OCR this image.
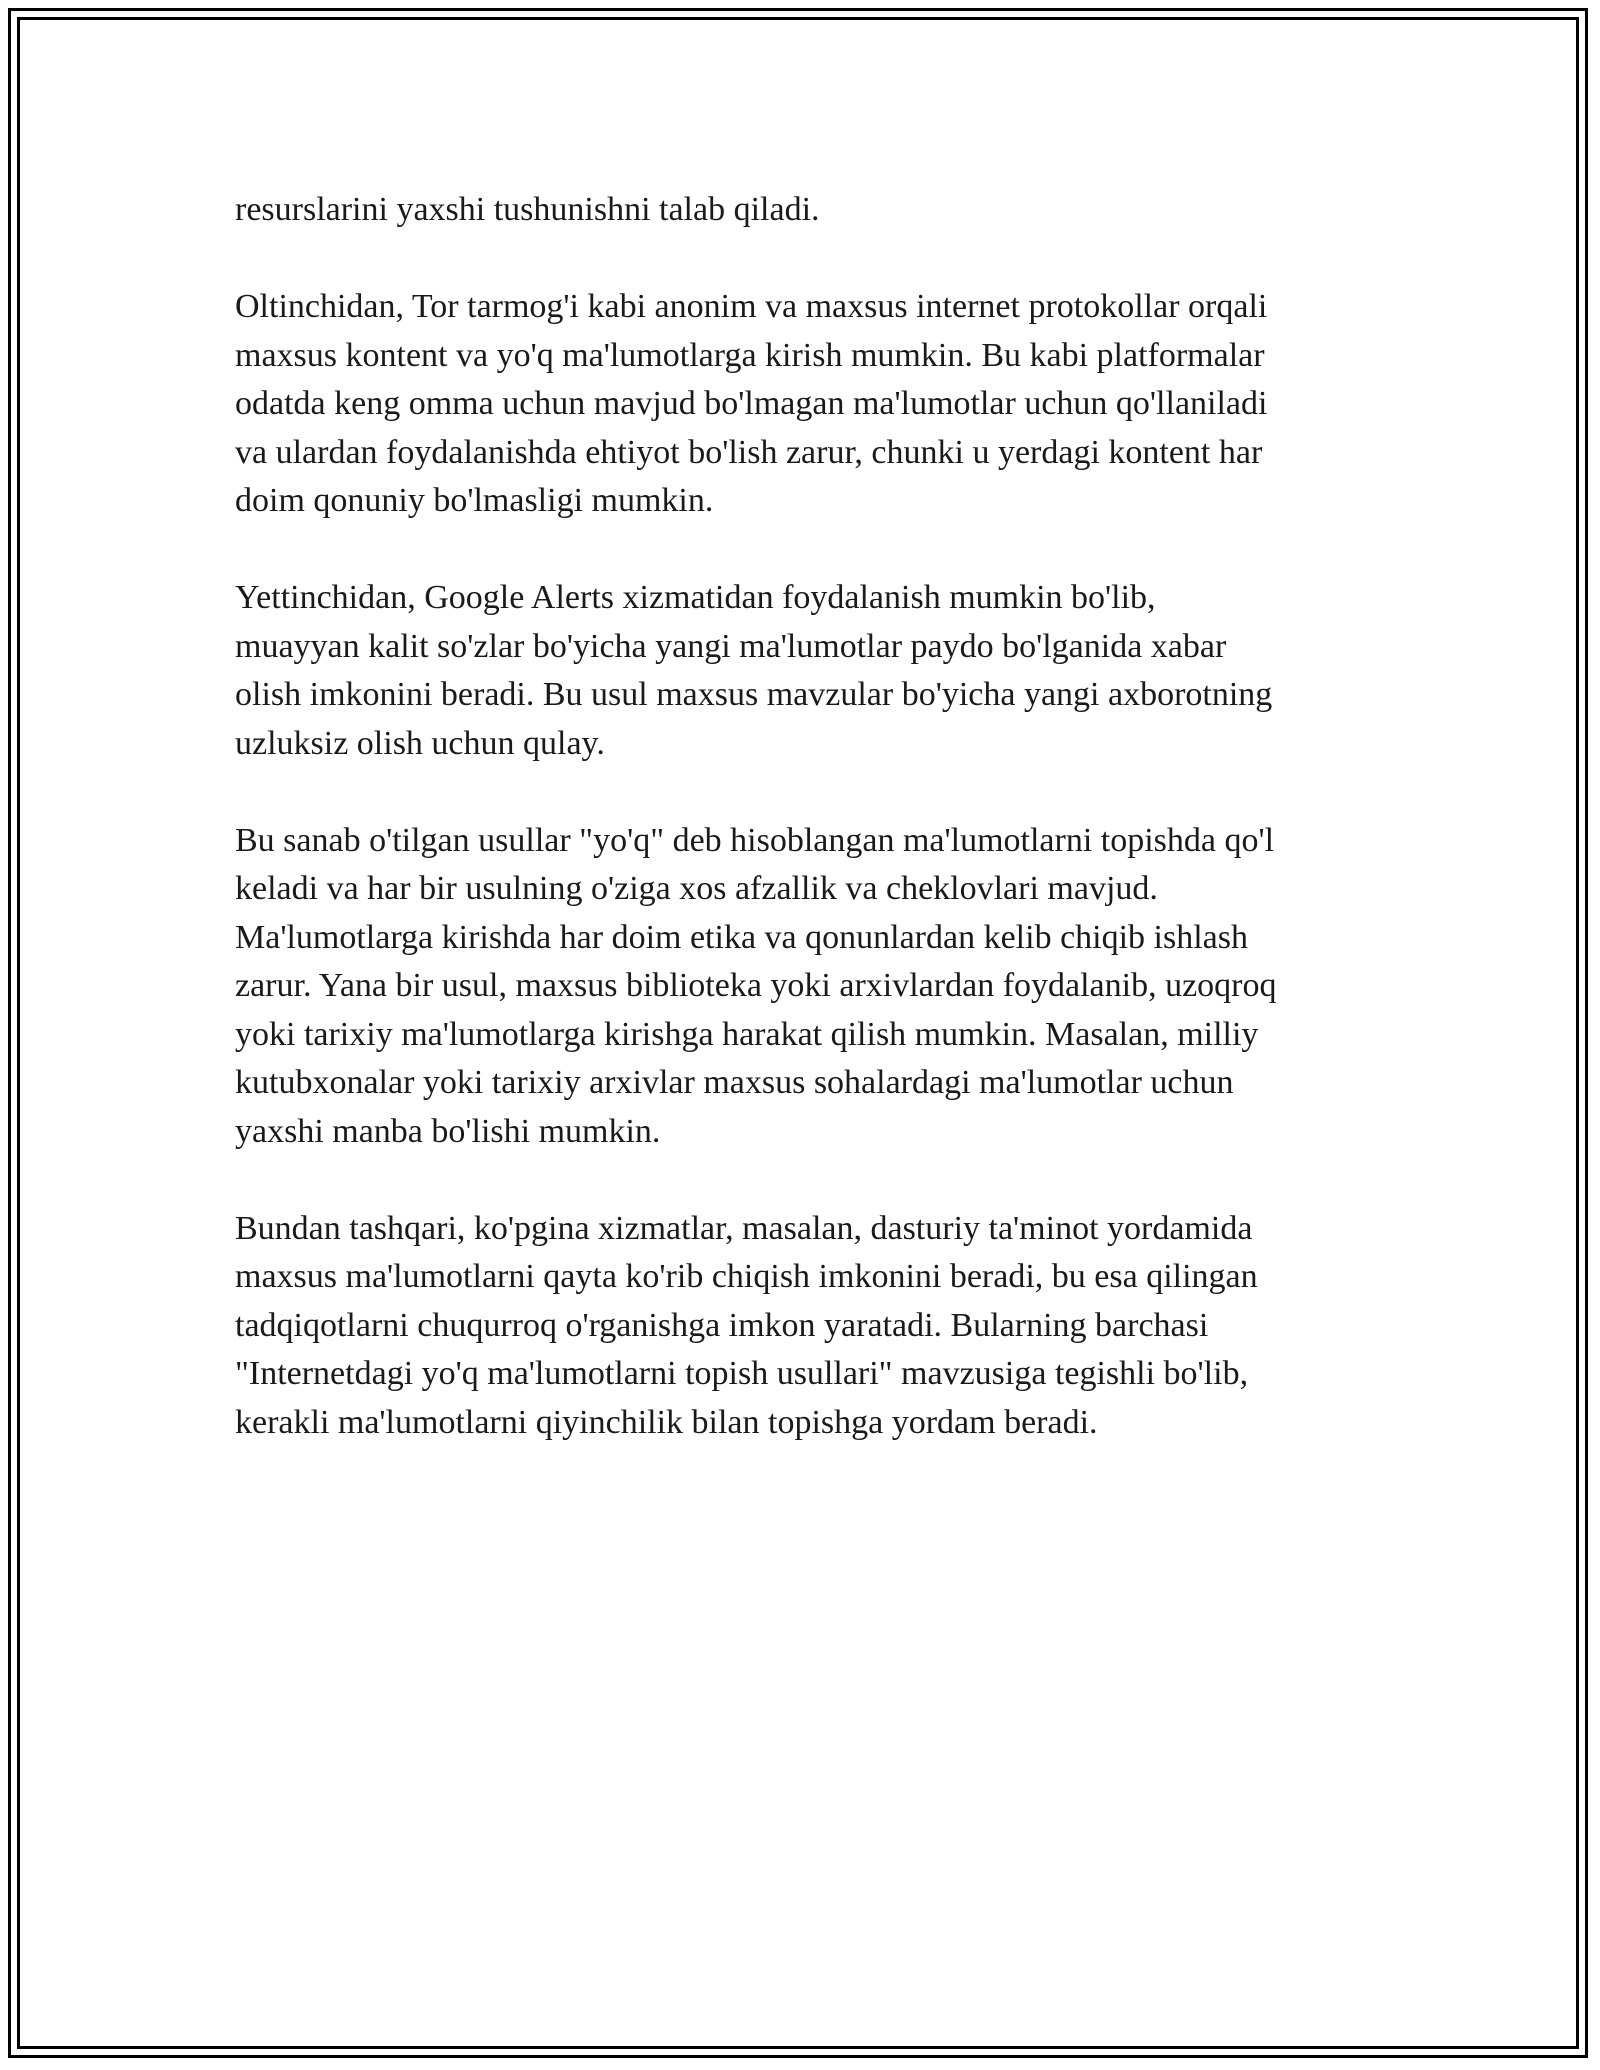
resurslarini yaxshi tushunishni talab qiladi.

Oltinchidan, Tor tarmog'i kabi anonim va maxsus internet protokollar orqali
maxsus kontent va yo'q ma'lumotlarga kirish mumkin. Bu kabi platformalar
odatda keng omma uchun mavjud bo'lmagan ma'lumotlar uchun qo'llaniladi
va ulardan foydalanishda ehtiyot bo'lish zarur, chunki u yerdagi kontent har
doim qonuniy bo'lmasligi mumkin.

Yettinchidan, Google Alerts xizmatidan foydalanish mumkin bo'lib,
muayyan kalit so'zlar bo'yicha yangi ma'lumotlar paydo bo'lganida xabar
olish imkonini beradi. Bu usul maxsus mavzular bo'yicha yangi axborotning
uzluksiz olish uchun qulay.

Bu sanab o'tilgan usullar "yo'q" deb hisoblangan ma'lumotlarni topishda qo'l
keladi va har bir usulning o'ziga xos afzallik va cheklovlari mavjud.
Ma'lumotlarga kirishda har doim etika va qonunlardan kelib chiqib ishlash
zarur. Yana bir usul, maxsus biblioteka yoki arxivlardan foydalanib, uzoqroq
yoki tarixiy ma'lumotlarga kirishga harakat qilish mumkin. Masalan, milliy
kutubxonalar yoki tarixiy arxivlar maxsus sohalardagi ma'lumotlar uchun
yaxshi manba bo'lishi mumkin.

Bundan tashqari, ko'pgina xizmatlar, masalan, dasturiy ta'minot yordamida
maxsus ma'lumotlarni qayta ko'rib chiqish imkonini beradi, bu esa qilingan
tadqiqotlarni chuqurroq o'rganishga imkon yaratadi. Bularning barchasi
"Internetdagi yo'q ma'lumotlarni topish usullari" mavzusiga tegishli bo'lib,
kerakli ma'lumotlarni qiyinchilik bilan topishga yordam beradi.
